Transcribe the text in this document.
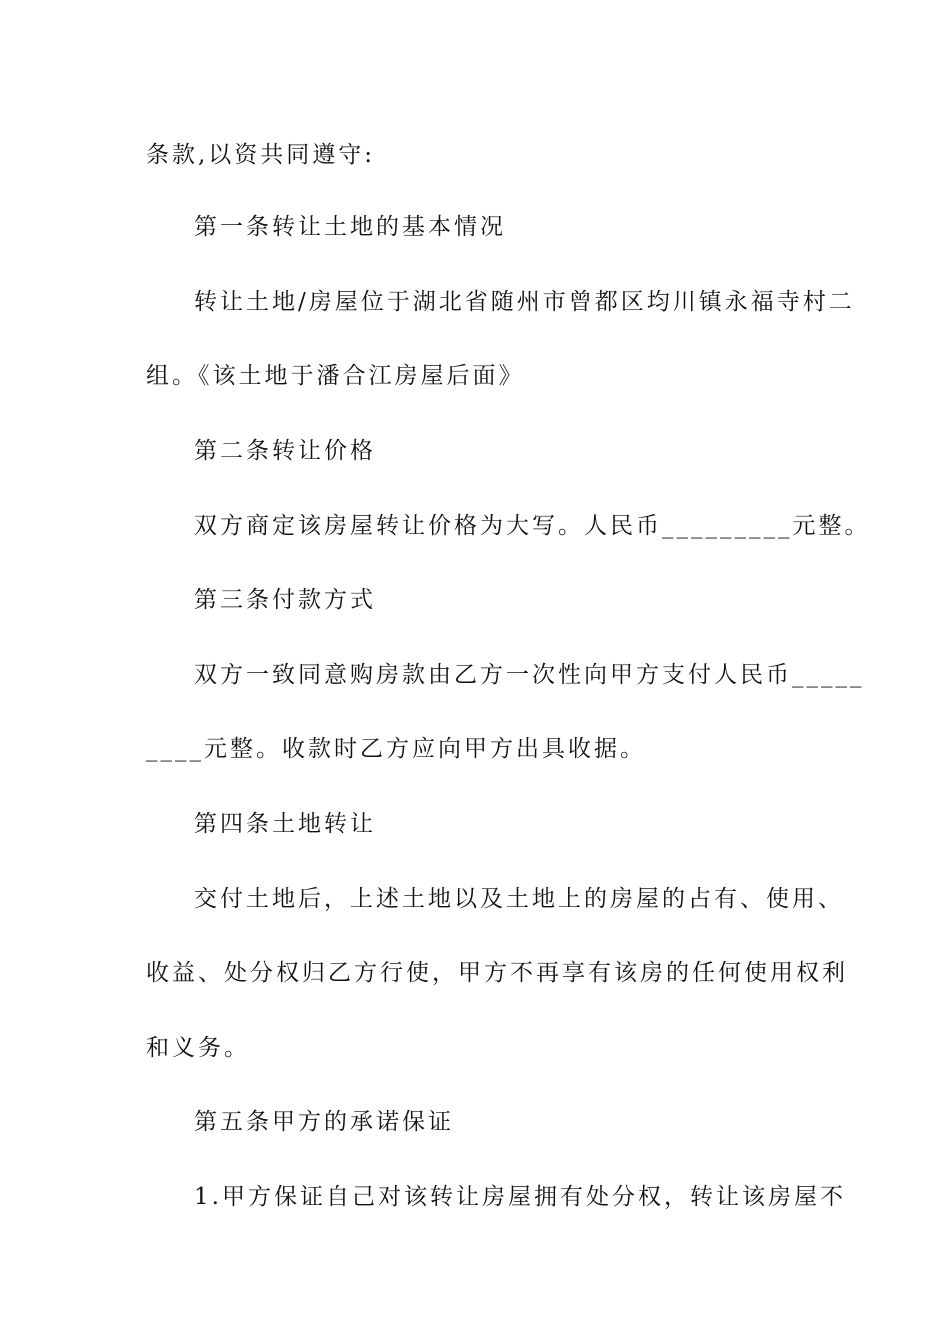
条款,以资共同遵守:
第一条转让土地的基本情况
转让土地/房屋位于湖北省随州市曾都区均川镇永福寺村二
组。《该土地于潘合江房屋后面》
第二条转让价格
双方商定该房屋转让价格为大写。人民币_________元整。
第三条付款方式
双方一致同意购房款由乙方一次性向甲方支付人民币_____
____元整。收款时乙方应向甲方出具收据。
第四条土地转让
交付土地后，上述土地以及土地上的房屋的占有、使用、
收益、处分权归乙方行使，甲方不再享有该房的任何使用权利
和义务。
第五条甲方的承诺保证
1.甲方保证自己对该转让房屋拥有处分权，转让该房屋不
